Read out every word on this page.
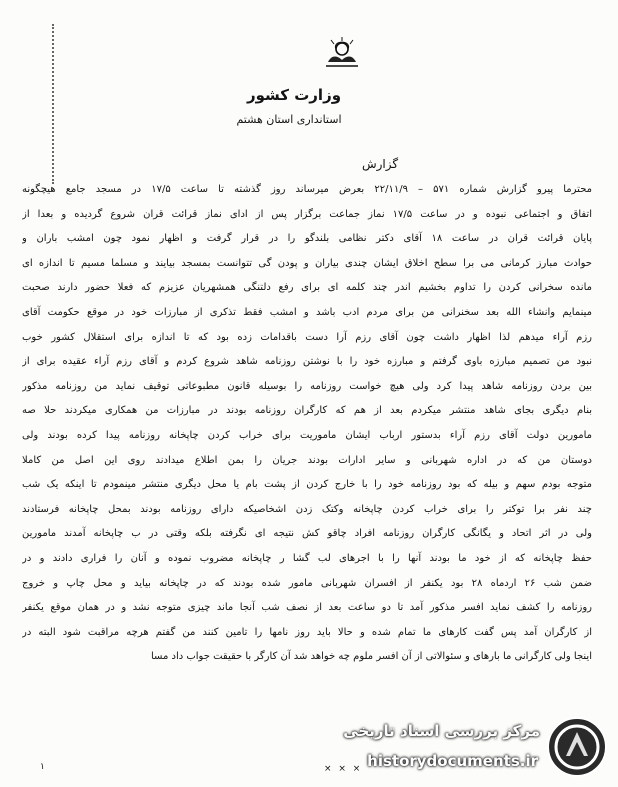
وزارت کشور
استانداری استان هشتم
گزارش
محترما پیرو گزارش شماره ۵۷۱ – ۲۲/۱۱/۹ بعرض میرساند روز گذشته تا ساعت ۱۷/۵ در مسجد جامع هیچگونه
اتفاق و اجتماعی نبوده و در ساعت ۱۷/۵ نماز جماعت برگزار پس از ادای نماز قرائت قران شروع گردیده و بعدا از
پایان قرائت قران در ساعت ۱۸ آقای دکتر نظامی بلندگو را در قرار گرفت و اظهار نمود چون امشب باران و
حوادث مبارز کرمانی می برا سطح اخلاق ایشان چندی بیاران و پودن گی تتوانست بمسجد بیایند و مسلما مسیم تا اندازه ای
مانده سخرانی کردن را تداوم بخشیم اندر چند کلمه ای برای رفع دلتنگی همشهریان عزیزم که فعلا حضور دارند صحبت
مینمایم وانشاء الله بعد سخنرانی من برای مردم ادب باشد و امشب فقط تذکری از مبارزات خود در موقع حکومت آقای
رزم آراء میدهم لذا اظهار داشت چون آقای رزم آرا دست باقدامات زده بود که تا اندازه برای استقلال کشور خوب
نبود من تصمیم مبارزه باوی گرفتم و مبارزه خود را با نوشتن روزنامه شاهد شروع کردم و آقای رزم آراء عقیده برای از
بین بردن روزنامه شاهد پیدا کرد ولی هیچ خواست روزنامه را بوسیله قانون مطبوعاتی توقیف نماید من روزنامه مذکور
بنام دیگری بجای شاهد منتشر میکردم بعد از هم که کارگران روزنامه بودند در مبارزات من همکاری میکردند حلا صه
مامورین دولت آقای رزم آراء بدستور ارباب ایشان ماموریت برای خراب کردن چاپخانه روزنامه پیدا کرده بودند ولی
دوستان من که در اداره شهربانی و سایر ادارات بودند جریان را بمن اطلاع میدادند روی این اصل من کاملا
متوجه بودم سهم و بیله که بود روزنامه خود را با خارج کردن از پشت بام یا محل دیگری منتشر مینمودم تا اینکه یک شب
چند نفر برا توکتر را برای خراب کردن چاپخانه وکتک زدن اشخاصیکه دارای روزنامه بودند بمحل چاپخانه فرستادند
ولی در اثر اتحاد و یگانگی کارگران روزنامه افراد چاقو کش نتیجه ای نگرفته بلکه وقتی در ب چاپخانه آمدند مامورین
حفظ چاپخانه که از خود ما بودند آنها را با اجرهای لب گشا ر چاپخانه مضروب نموده و آنان را فراری دادند و در
ضمن شب ۲۶ اردماه ۲۸ بود یکنفر از افسران شهربانی مامور شده بودند که در چاپخانه بیاید و محل چاپ و خروج
روزنامه را کشف نماید افسر مذکور آمد تا دو ساعت بعد از نصف شب آنجا ماند چیزی متوجه نشد و در همان موقع یکنفر
از کارگران آمد پس گفت کارهای ما تمام شده و حالا باید روز نامها را تامین کنند من گفتم هرچه مراقبت شود البته در
اینجا ولی کارگرانی ما بارهای و سئوالاتی از آن افسر ملوم چه خواهد شد آن کارگر با حقیقت جواب داد مسا
١	× × ×
مرکز بررسی اسناد تاریخی
historydocuments.ir
